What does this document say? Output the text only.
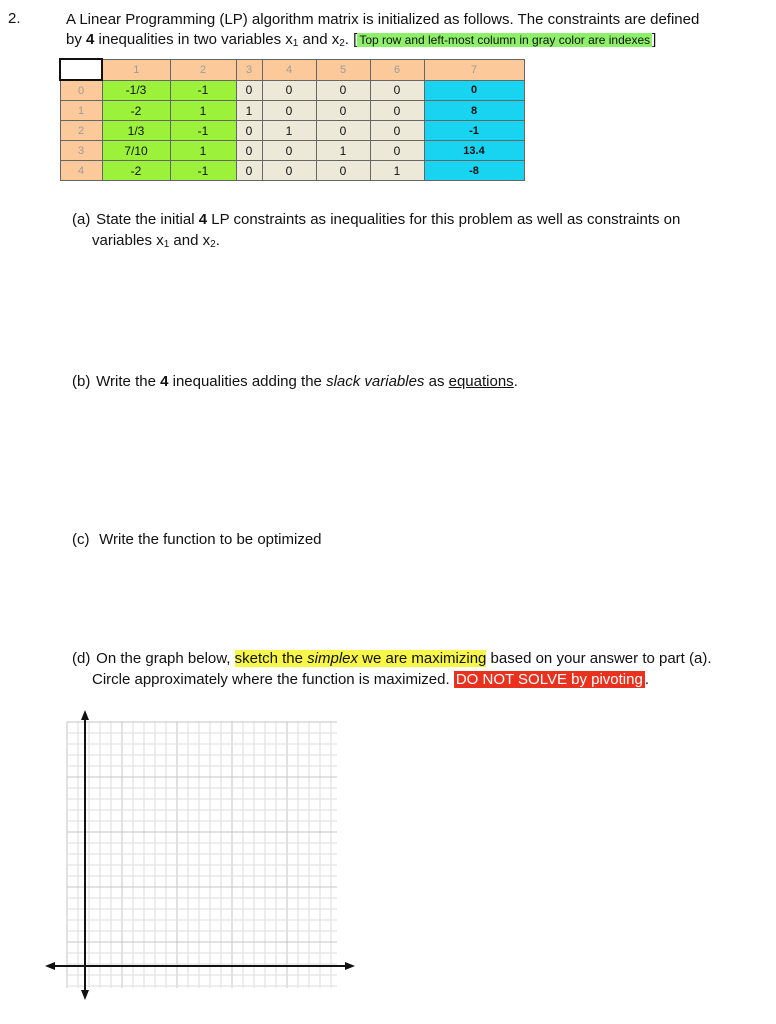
2.	A Linear Programming (LP) algorithm matrix is initialized as follows. The constraints are defined
by 4 inequalities in two variables $x_1$ and $x_2$. [ Top row and left-most column in gray color are indexes ]
	1	2	3	4	5	6	7
0	-1/3	-1	0	0	0	0	0
1	-2	1	1	0	0	0	8
2	1/3	-1	0	1	0	0	-1
3	7/10	1	0	0	1	0	13.4
4	-2	-1	0	0	0	1	-8
(a) State the initial 4 LP constraints as inequalities for this problem as well as constraints on
variables $x_1$ and $x_2$.
(b) Write the 4 inequalities adding the slack variables as equations.
(c) Write the function to be optimized
(d) On the graph below, sketch the simplex we are maximizing based on your answer to part (a).
Circle approximately where the function is maximized. DO NOT SOLVE by pivoting .
